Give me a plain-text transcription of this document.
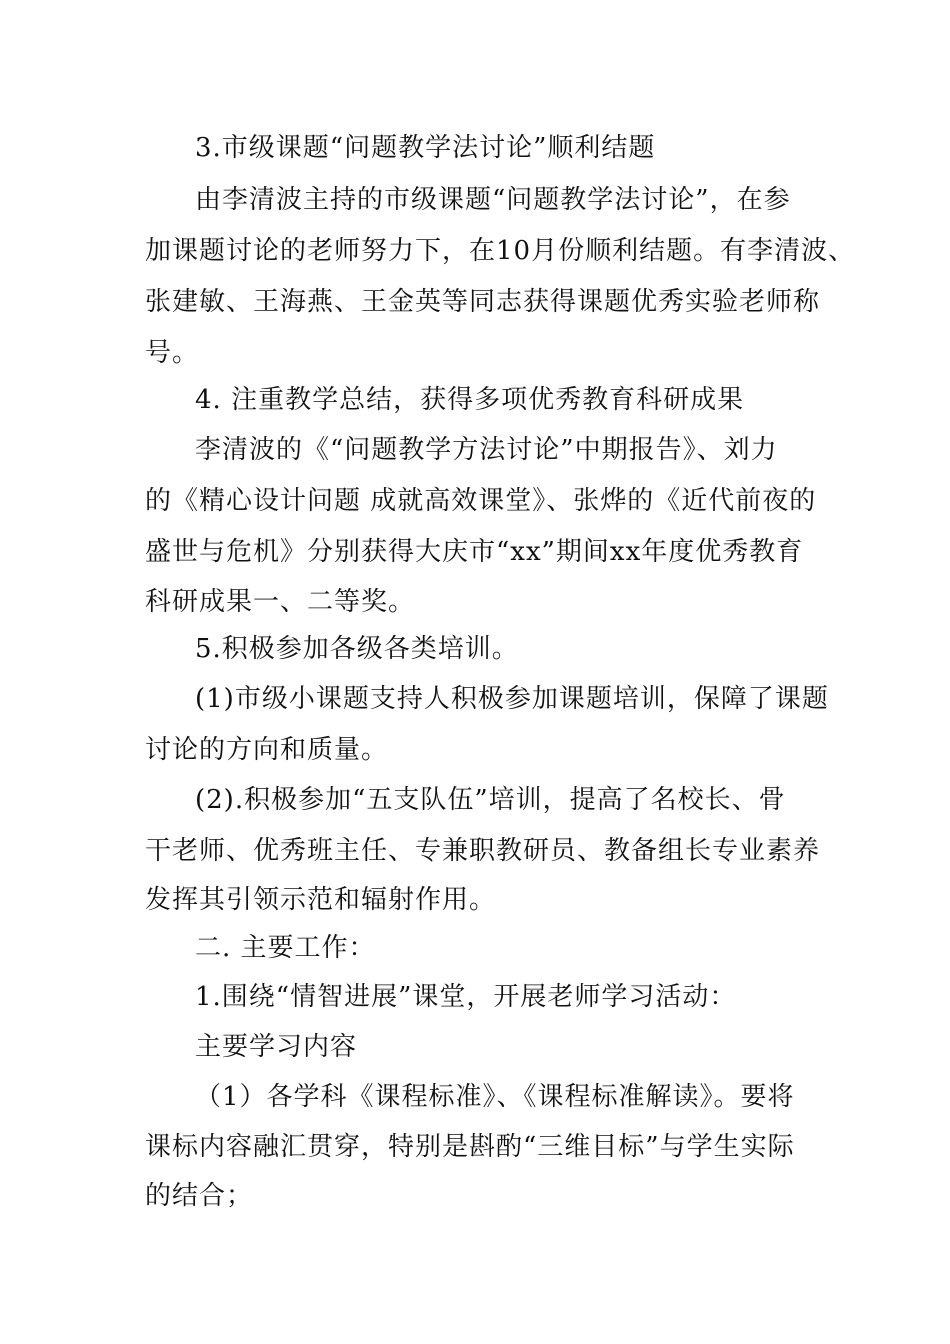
3.市级课题“问题教学法讨论”顺利结题
由李清波主持的市级课题“问题教学法讨论”，在参
加课题讨论的老师努力下，在10月份顺利结题。有李清波、
张建敏、王海燕、王金英等同志获得课题优秀实验老师称
号。
4. 注重教学总结，获得多项优秀教育科研成果
李清波的《“问题教学方法讨论”中期报告》、刘力
的《精心设计问题 成就高效课堂》、张烨的《近代前夜的
盛世与危机》分别获得大庆市“xx”期间xx年度优秀教育
科研成果一、二等奖。
5.积极参加各级各类培训。
(1)市级小课题支持人积极参加课题培训，保障了课题
讨论的方向和质量。
(2).积极参加“五支队伍”培训，提高了名校长、骨
干老师、优秀班主任、专兼职教研员、教备组长专业素养
发挥其引领示范和辐射作用。
二. 主要工作：
1.围绕“情智进展”课堂，开展老师学习活动：
主要学习内容
（1）各学科《课程标准》、《课程标准解读》。要将
课标内容融汇贯穿，特别是斟酌“三维目标”与学生实际
的结合；
